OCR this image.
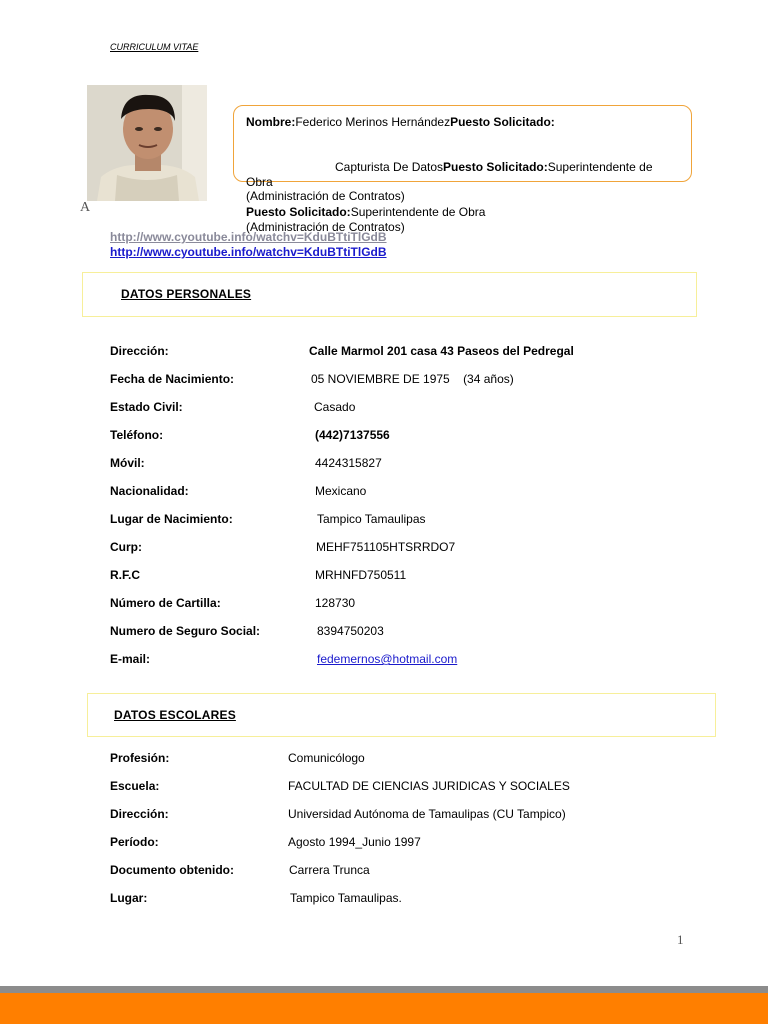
CURRICULUM VITAE
A
Nombre:Federico Merinos HernándezPuesto Solicitado:
Capturista De DatosPuesto Solicitado:Superintendente de
Obra
(Administración de Contratos)
Puesto Solicitado:Superintendente de Obra
(Administración de Contratos)
http://www.cyoutube.info/watchv=KduBTtiTlGdB
http://www.cyoutube.info/watchv=KduBTtiTlGdB
DATOS PERSONALES
Dirección:	Calle Marmol 201 casa 43 Paseos del Pedregal
Fecha de Nacimiento:	05 NOVIEMBRE DE 1975    (34 años)
Estado Civil:	Casado
Teléfono:	(442)7137556
Móvil:	4424315827
Nacionalidad:	Mexicano
Lugar de Nacimiento:	Tampico Tamaulipas
Curp:	MEHF751105HTSRRDO7
R.F.C	MRHNFD750511
Número de Cartilla:	128730
Numero de Seguro Social:	8394750203
E-mail:	fedemernos@hotmail.com
DATOS ESCOLARES
Profesión:	Comunicólogo
Escuela:	FACULTAD DE CIENCIAS JURIDICAS Y SOCIALES
Dirección:	Universidad Autónoma de Tamaulipas (CU Tampico)
Período:	Agosto 1994_Junio 1997
Documento obtenido:	Carrera Trunca
Lugar:	Tampico Tamaulipas.
1
